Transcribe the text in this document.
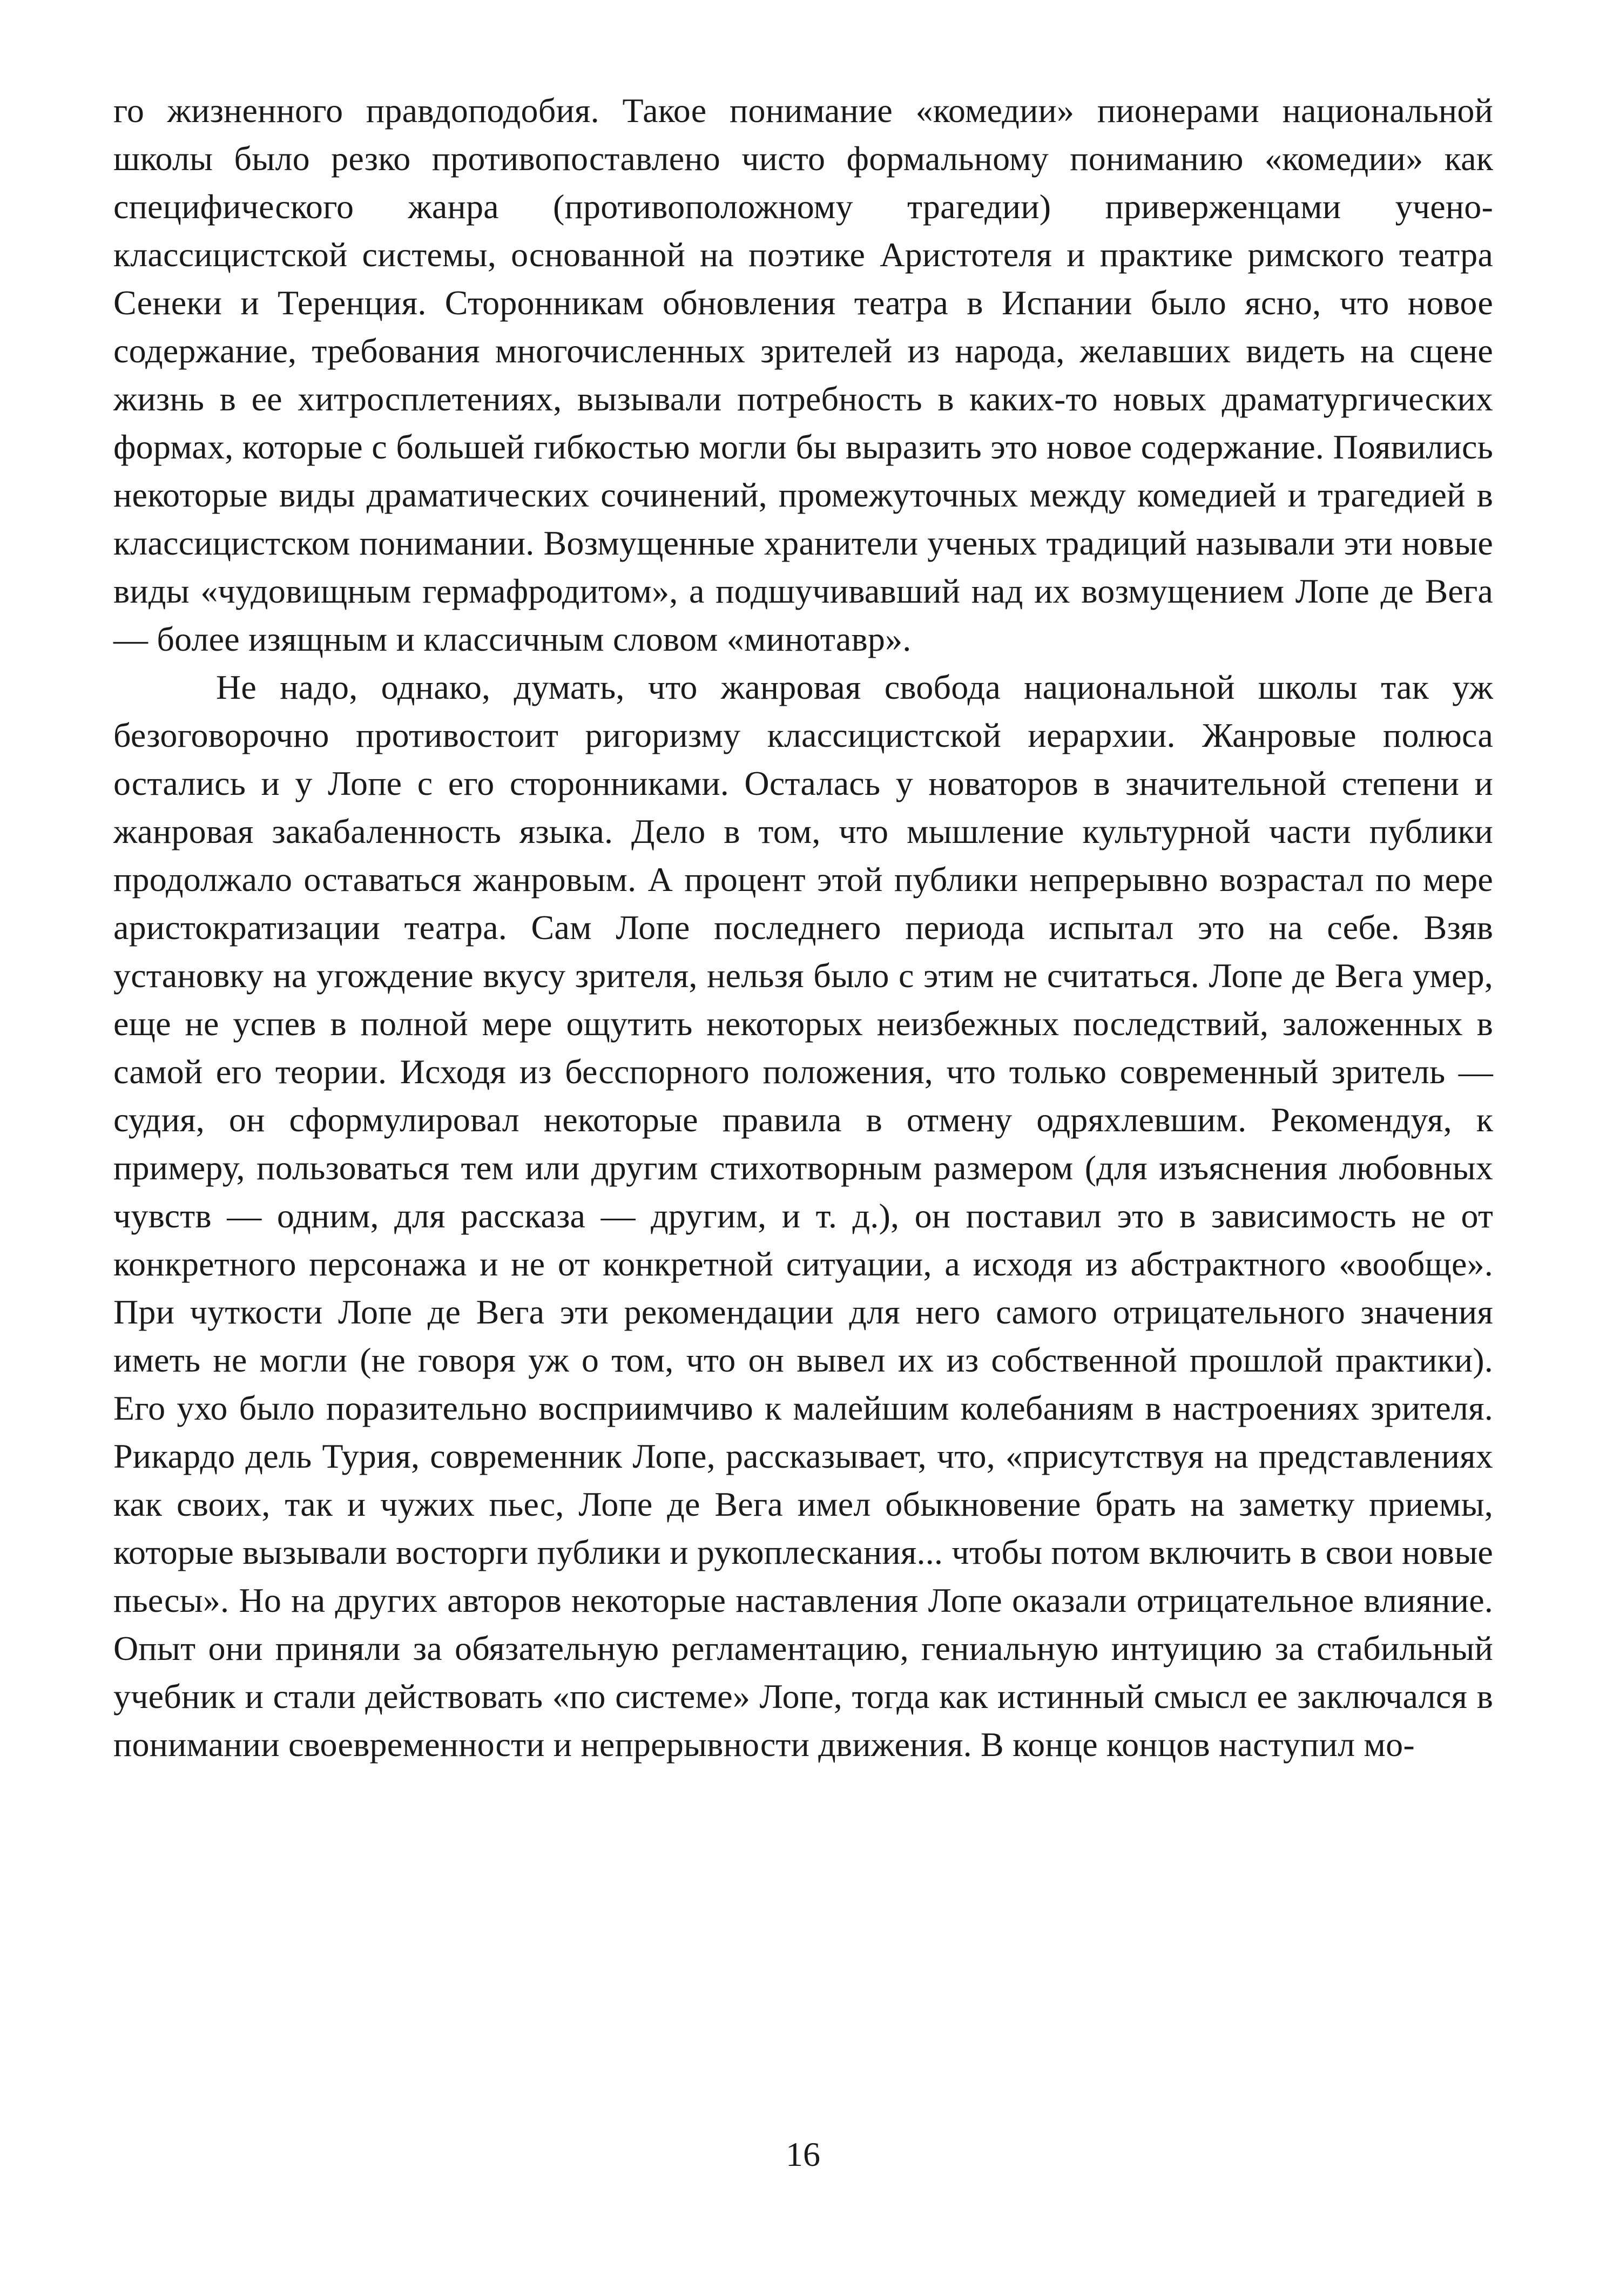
го жизненного правдоподобия. Такое понимание «комедии» пионерами национальной школы было резко противопоставлено чисто формальному пониманию «комедии» как специфического жанра (противоположному трагедии) приверженцами учено-классицистской системы, основанной на поэтике Аристотеля и практике римского театра Сенеки и Теренция. Сторонникам обновления театра в Испании было ясно, что новое содержание, требования многочисленных зрителей из народа, желавших видеть на сцене жизнь в ее хитросплетениях, вызывали потребность в каких-то новых драматургических формах, которые с большей гибкостью могли бы выразить это новое содержание. Появились некоторые виды драматических сочинений, промежуточных между комедией и трагедией в классицистском понимании. Возмущенные хранители ученых традиций называли эти новые виды «чудовищным гермафродитом», а подшучивавший над их возмущением Лопе де Вега — более изящным и классичным словом «минотавр».

Не надо, однако, думать, что жанровая свобода национальной школы так уж безоговорочно противостоит ригоризму классицистской иерархии. Жанровые полюса остались и у Лопе с его сторонниками. Осталась у новаторов в значительной степени и жанровая закабаленность языка. Дело в том, что мышление культурной части публики продолжало оставаться жанровым. А процент этой публики непрерывно возрастал по мере аристократизации театра. Сам Лопе последнего периода испытал это на себе. Взяв установку на угождение вкусу зрителя, нельзя было с этим не считаться. Лопе де Вега умер, еще не успев в полной мере ощутить некоторых неизбежных последствий, заложенных в самой его теории. Исходя из бесспорного положения, что только современный зритель — судия, он сформулировал некоторые правила в отмену одряхлевшим. Рекомендуя, к примеру, пользоваться тем или другим стихотворным размером (для изъяснения любовных чувств — одним, для рассказа — другим, и т. д.), он поставил это в зависимость не от конкретного персонажа и не от конкретной ситуации, а исходя из абстрактного «вообще». При чуткости Лопе де Вега эти рекомендации для него самого отрицательного значения иметь не могли (не говоря уж о том, что он вывел их из собственной прошлой практики). Его ухо было поразительно восприимчиво к малейшим колебаниям в настроениях зрителя. Рикардо дель Турия, современник Лопе, рассказывает, что, «присутствуя на представлениях как своих, так и чужих пьес, Лопе де Вега имел обыкновение брать на заметку приемы, которые вызывали восторги публики и рукоплескания... чтобы потом включить в свои новые пьесы». Но на других авторов некоторые наставления Лопе оказали отрицательное влияние. Опыт они приняли за обязательную регламентацию, гениальную интуицию за стабильный учебник и стали действовать «по системе» Лопе, тогда как истинный смысл ее заключался в понимании своевременности и непрерывности движения. В конце концов наступил мо-

16
